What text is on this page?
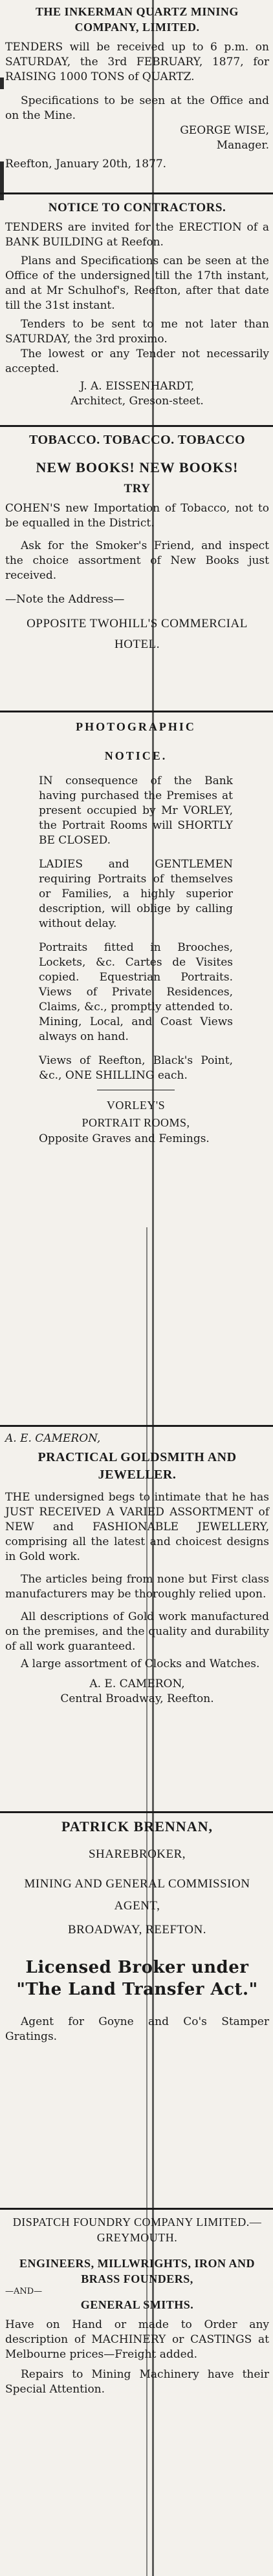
THE INKERMAN QUARTZ MINING COMPANY, LIMITED.

TENDERS will be received up to 6 p.m. on SATURDAY, the 3rd FEBRUARY, 1877, for RAISING 1000 TONS of QUARTZ.

Specifications to be seen at the Office and on the Mine.

GEORGE WISE,
Manager.
Reefton, January 20th, 1877.
NOTICE TO CONTRACTORS.

TENDERS are invited for the ERECTION of a BANK BUILDING at Reefon.

Plans and Specifications can be seen at the Office of the undersigned till the 17th instant, and at Mr Schulhof's, Reefton, after that date till the 31st instant.

Tenders to be sent to me not later than SATURDAY, the 3rd proximo.

The lowest or any Tender not necessarily accepted.

J. A. EISSENHARDT,
Architect, Greson-steet.
TOBACCO. TOBACCO. TOBACCO
NEW BOOKS! NEW BOOKS!
TRY

COHEN'S new Importation of Tobacco, not to be equalled in the District.

Ask for the Smoker's Friend, and inspect the choice assortment of New Books just received.

—Note the Address—
OPPOSITE TWOHILL'S COMMERCIAL HOTEL.
PHOTOGRAPHIC
NOTICE.

IN consequence of the Bank having purchased the Premises at present occupied by Mr VORLEY, the Portrait Rooms will SHORTLY BE CLOSED.

LADIES and GENTLEMEN requiring Portraits of themselves or Families, a highly superior description, will oblige by calling without delay.

Portraits fitted in Brooches, Lockets, &c. Cartes de Visites copied. Equestrian Portraits. Views of Private Residences, Claims, &c., promptly attended to. Mining, Local, and Coast Views always on hand.

Views of Reefton, Black's Point, &c., ONE SHILLING each.

VORLEY'S
PORTRAIT ROOMS,
Opposite Graves and Femings.
A. E. CAMERON,
PRACTICAL GOLDSMITH AND JEWELLER.

THE undersigned begs to intimate that he has JUST RECEIVED A VARIED ASSORTMENT of NEW and FASHIONABLE JEWELLERY, comprising all the latest and choicest designs in Gold work.

The articles being from none but First class manufacturers may be thoroughly relied upon.

All descriptions of Gold work manufactured on the premises, and the quality and durability of all work guaranteed.

A large assortment of Clocks and Watches.

A. E. CAMERON,
Central Broadway, Reefton.
PATRICK BRENNAN,
SHAREBROKER,
MINING AND GENERAL COMMISSION AGENT,
BROADWAY, REEFTON.
Licensed Broker under "The Land Transfer Act."

Agent for Goyne and Co's Stamper Gratings.

DISPATCH FOUNDRY COMPANY LIMITED.—GREYMOUTH.
ENGINEERS, MILLWRIGHTS, IRON AND BRASS FOUNDERS,
—AND—
GENERAL SMITHS.

Have on Hand or made to Order any description of MACHINERY or CASTINGS at Melbourne prices—Freight added.

Repairs to Mining Machinery have their Special Attention.
